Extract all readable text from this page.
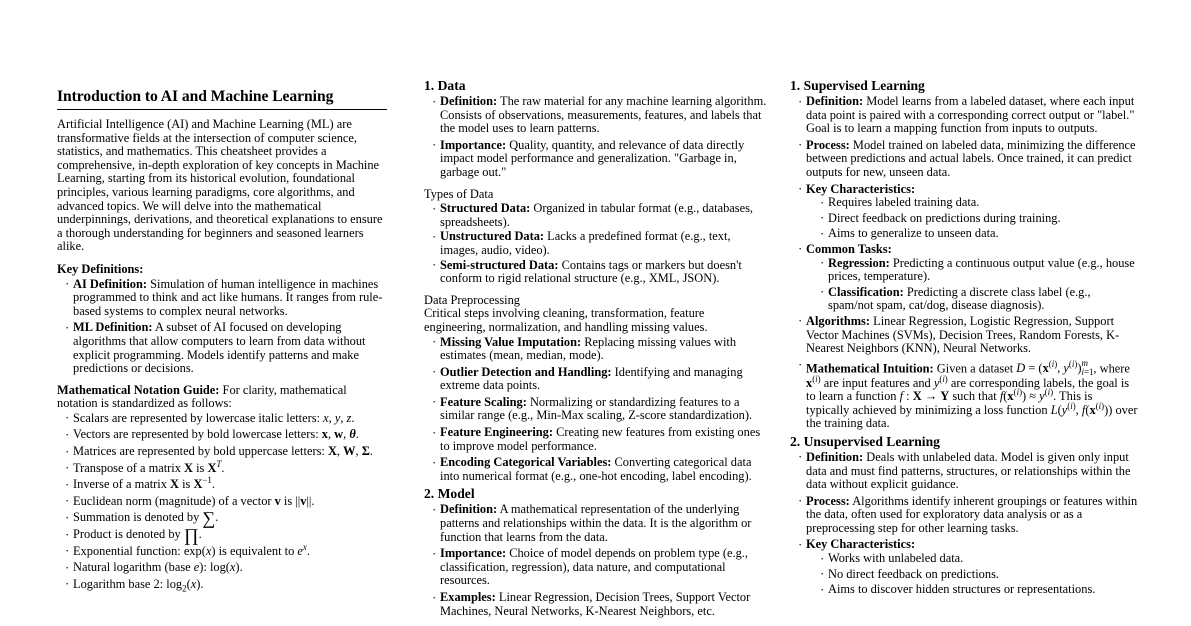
Introduction to AI and Machine Learning

Artificial Intelligence (AI) and Machine Learning (ML) are transformative fields at the intersection of computer science, statistics, and mathematics. This cheatsheet provides a comprehensive, in-depth exploration of key concepts in Machine Learning, starting from its historical evolution, foundational principles, various learning paradigms, core algorithms, and advanced topics. We will delve into the mathematical underpinnings, derivations, and theoretical explanations to ensure a thorough understanding for beginners and seasoned learners alike.

Key Definitions:
· AI Definition: Simulation of human intelligence in machines programmed to think and act like humans. It ranges from rule-based systems to complex neural networks.
· ML Definition: A subset of AI focused on developing algorithms that allow computers to learn from data without explicit programming. Models identify patterns and make predictions or decisions.

Mathematical Notation Guide: For clarity, mathematical notation is standardized as follows:

· Scalars are represented by lowercase italic letters: x, y, z.
· Vectors are represented by bold lowercase letters: x, w, θ.
· Matrices are represented by bold uppercase letters: X, W, Σ.
· Transpose of a matrix X is $X^T$.
· Inverse of a matrix X is $X^{-1}$.
· Euclidean norm (magnitude) of a vector v is ||v||.
· Summation is denoted by ∑.
· Product is denoted by ∏.
· Exponential function: exp(x) is equivalent to $e^x$.
· Natural logarithm (base e): log(x).
· Logarithm base 2: $\log_2(x)$.
1. Data
· Definition: The raw material for any machine learning algorithm. Consists of observations, measurements, features, and labels that the model uses to learn patterns.
· Importance: Quality, quantity, and relevance of data directly impact model performance and generalization. "Garbage in, garbage out."
Types of Data
· Structured Data: Organized in tabular format (e.g., databases, spreadsheets).
· Unstructured Data: Lacks a predefined format (e.g., text, images, audio, video).
· Semi-structured Data: Contains tags or markers but doesn't conform to rigid relational structure (e.g., XML, JSON).
Data Preprocessing
Critical steps involving cleaning, transformation, feature engineering, normalization, and handling missing values.
· Missing Value Imputation: Replacing missing values with estimates (mean, median, mode).
· Outlier Detection and Handling: Identifying and managing extreme data points.
· Feature Scaling: Normalizing or standardizing features to a similar range (e.g., Min-Max scaling, Z-score standardization).
· Feature Engineering: Creating new features from existing ones to improve model performance.
· Encoding Categorical Variables: Converting categorical data into numerical format (e.g., one-hot encoding, label encoding).
2. Model
· Definition: A mathematical representation of the underlying patterns and relationships within the data. It is the algorithm or function that learns from the data.
· Importance: Choice of model depends on problem type (e.g., classification, regression), data nature, and computational resources.
· Examples: Linear Regression, Decision Trees, Support Vector Machines, Neural Networks, K-Nearest Neighbors, etc.
1. Supervised Learning
· Definition: Model learns from a labeled dataset, where each input data point is paired with a corresponding correct output or "label." Goal is to learn a mapping function from inputs to outputs.
· Process: Model trained on labeled data, minimizing the difference between predictions and actual labels. Once trained, it can predict outputs for new, unseen data.
· Key Characteristics:
· Requires labeled training data.
· Direct feedback on predictions during training.
· Aims to generalize to unseen data.
· Common Tasks:
· Regression: Predicting a continuous output value (e.g., house prices, temperature).
· Classification: Predicting a discrete class label (e.g., spam/not spam, cat/dog, disease diagnosis).
· Algorithms: Linear Regression, Logistic Regression, Support Vector Machines (SVMs), Decision Trees, Random Forests, K-Nearest Neighbors (KNN), Neural Networks.
· Mathematical Intuition: Given a dataset $D = (x^{(i)}$, $y^{(i)}$) m
i=1 , where $x^{(i)}$ are input features and $y^{(i)}$ are corresponding labels, the goal is to learn a function f : X → Y such that $f(x^{(i)}) \approx y^{(i)}$. This is typically achieved by minimizing a loss function $L(y^{(i)}$, $f(x^{(i)})$) over the training data.
2. Unsupervised Learning
· Definition: Deals with unlabeled data. Model is given only input data and must find patterns, structures, or relationships within the data without explicit guidance.
· Process: Algorithms identify inherent groupings or features within the data, often used for exploratory data analysis or as a preprocessing step for other learning tasks.
· Key Characteristics:
· Works with unlabeled data.
· No direct feedback on predictions.
· Aims to discover hidden structures or representations.
